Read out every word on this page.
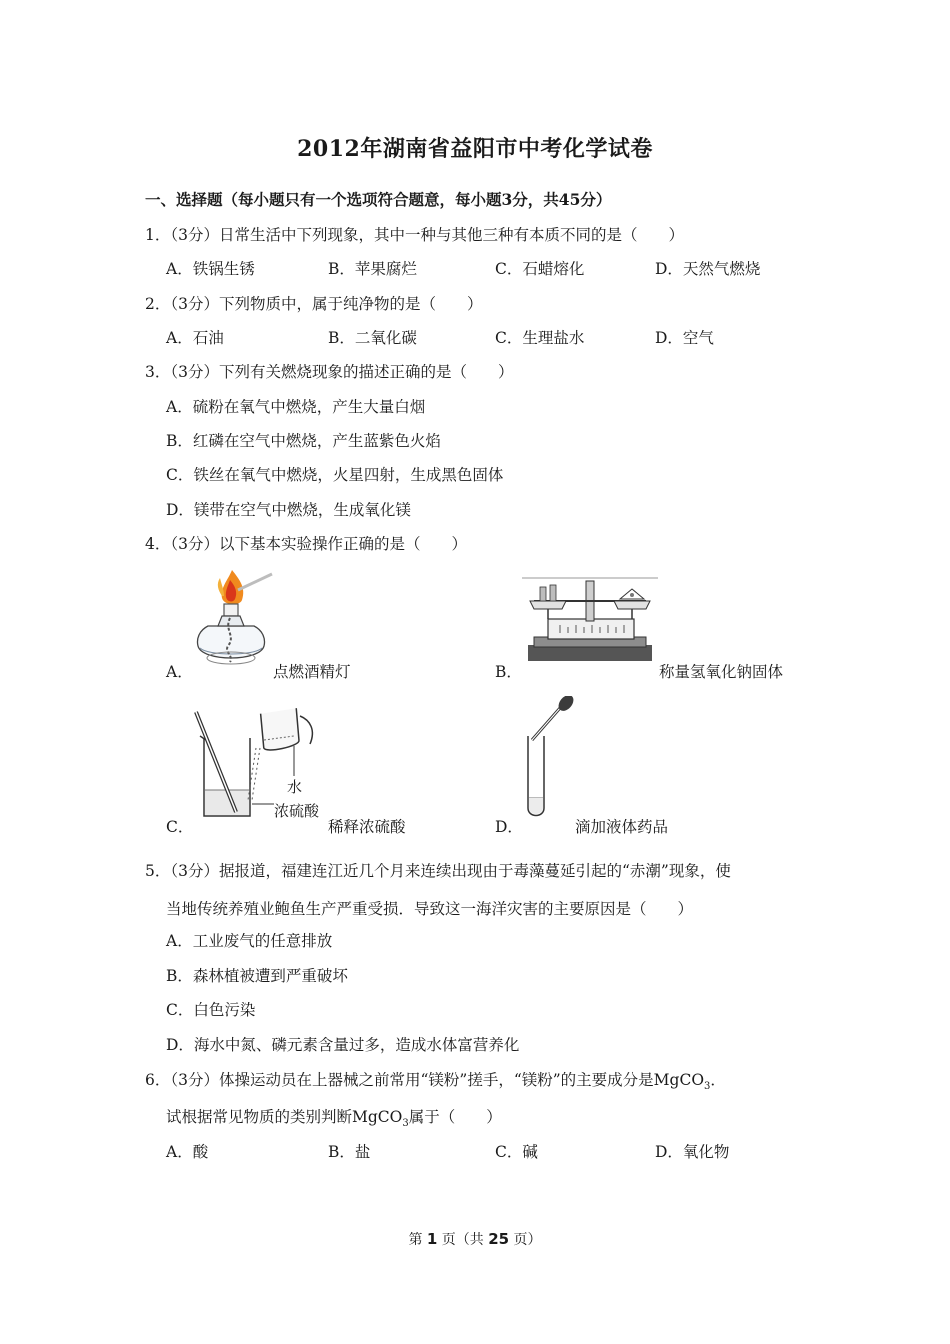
2012年湖南省益阳市中考化学试卷
一、选择题（每小题只有一个选项符合题意，每小题3分，共45分）
1．（3分）日常生活中下列现象，其中一种与其他三种有本质不同的是（　　）
A．铁锅生锈	B．苹果腐烂	C．石蜡熔化	D．天然气燃烧
2．（3分）下列物质中，属于纯净物的是（　　）
A．石油	B．二氧化碳	C．生理盐水	D．空气
3．（3分）下列有关燃烧现象的描述正确的是（　　）
A．硫粉在氧气中燃烧，产生大量白烟
B．红磷在空气中燃烧，产生蓝紫色火焰
C．铁丝在氧气中燃烧，火星四射，生成黑色固体
D．镁带在空气中燃烧，生成氧化镁
4．（3分）以下基本实验操作正确的是（　　）
A．	点燃酒精灯	B．	称量氢氧化钠固体
水
浓硫酸
C．	稀释浓硫酸	D．	滴加液体药品
5．（3分）据报道，福建连江近几个月来连续出现由于毒藻蔓延引起的“赤潮”现象，使
当地传统养殖业鲍鱼生产严重受损．导致这一海洋灾害的主要原因是（　　）
A．工业废气的任意排放
B．森林植被遭到严重破坏
C．白色污染
D．海水中氮、磷元素含量过多，造成水体富营养化
6．（3分）体操运动员在上器械之前常用“镁粉”搓手，“镁粉”的主要成分是MgCO$_3$．
试根据常见物质的类别判断MgCO$_3$属于（　　）
A．酸	B．盐	C．碱	D．氧化物
第 1 页（共 25 页）
